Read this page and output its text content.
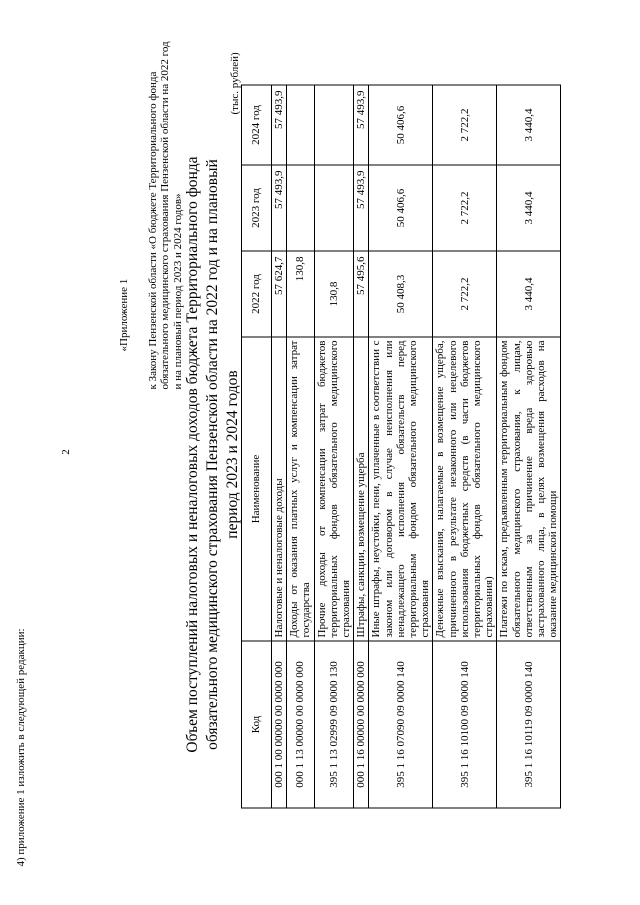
2
4) приложение 1 изложить в следующей редакции:
«Приложение 1 к Закону Пензенской области «О бюджете Территориального фонда обязательного медицинского страхования Пензенской области на 2022 год и на плановый период 2023 и 2024 годов» Объем поступлений налоговых и неналоговых доходов бюджета Территориального фонда обязательного медицинского страхования Пензенской области на 2022 год и на плановый период 2023 и 2024 годов
(тыс. рублей)
Код	Наименование	2022 год	2023 год	2024 год
000 1 00 00000 00 0000 000	Налоговые и неналоговые доходы	57 624,7	57 493,9	57 493,9
000 1 13 00000 00 0000 000	Доходы от оказания платных услуг и компенсации затрат государства	130,8		
395 1 13 02999 09 0000 130	Прочие доходы от компенсации затрат бюджетов территориальных фондов обязательного медицинского страхования	130,8		
000 1 16 00000 00 0000 000	Штрафы, санкции, возмещение ущерба	57 495,6	57 493,9	57 493,9
395 1 16 07090 09 0000 140	Иные штрафы, неустойки, пени, уплаченные в соответствии с законом или договором в случае неисполнения или ненадлежащего исполнения обязательств перед территориальным фондом обязательного медицинского страхования	50 408,3	50 406,6	50 406,6
395 1 16 10100 09 0000 140	Денежные взыскания, налагаемые в возмещение ущерба, причиненного в результате незаконного или нецелевого использования бюджетных средств (в части бюджетов территориальных фондов обязательного медицинского страхования)	2 722,2	2 722,2	2 722,2
395 1 16 10119 09 0000 140	Платежи по искам, предъявленным территориальным фондом обязательного медицинского страхования, к лицам, ответственным за причинение вреда здоровью застрахованного лица, в целях возмещения расходов на оказание медицинской помощи	3 440,4	3 440,4	3 440,4
